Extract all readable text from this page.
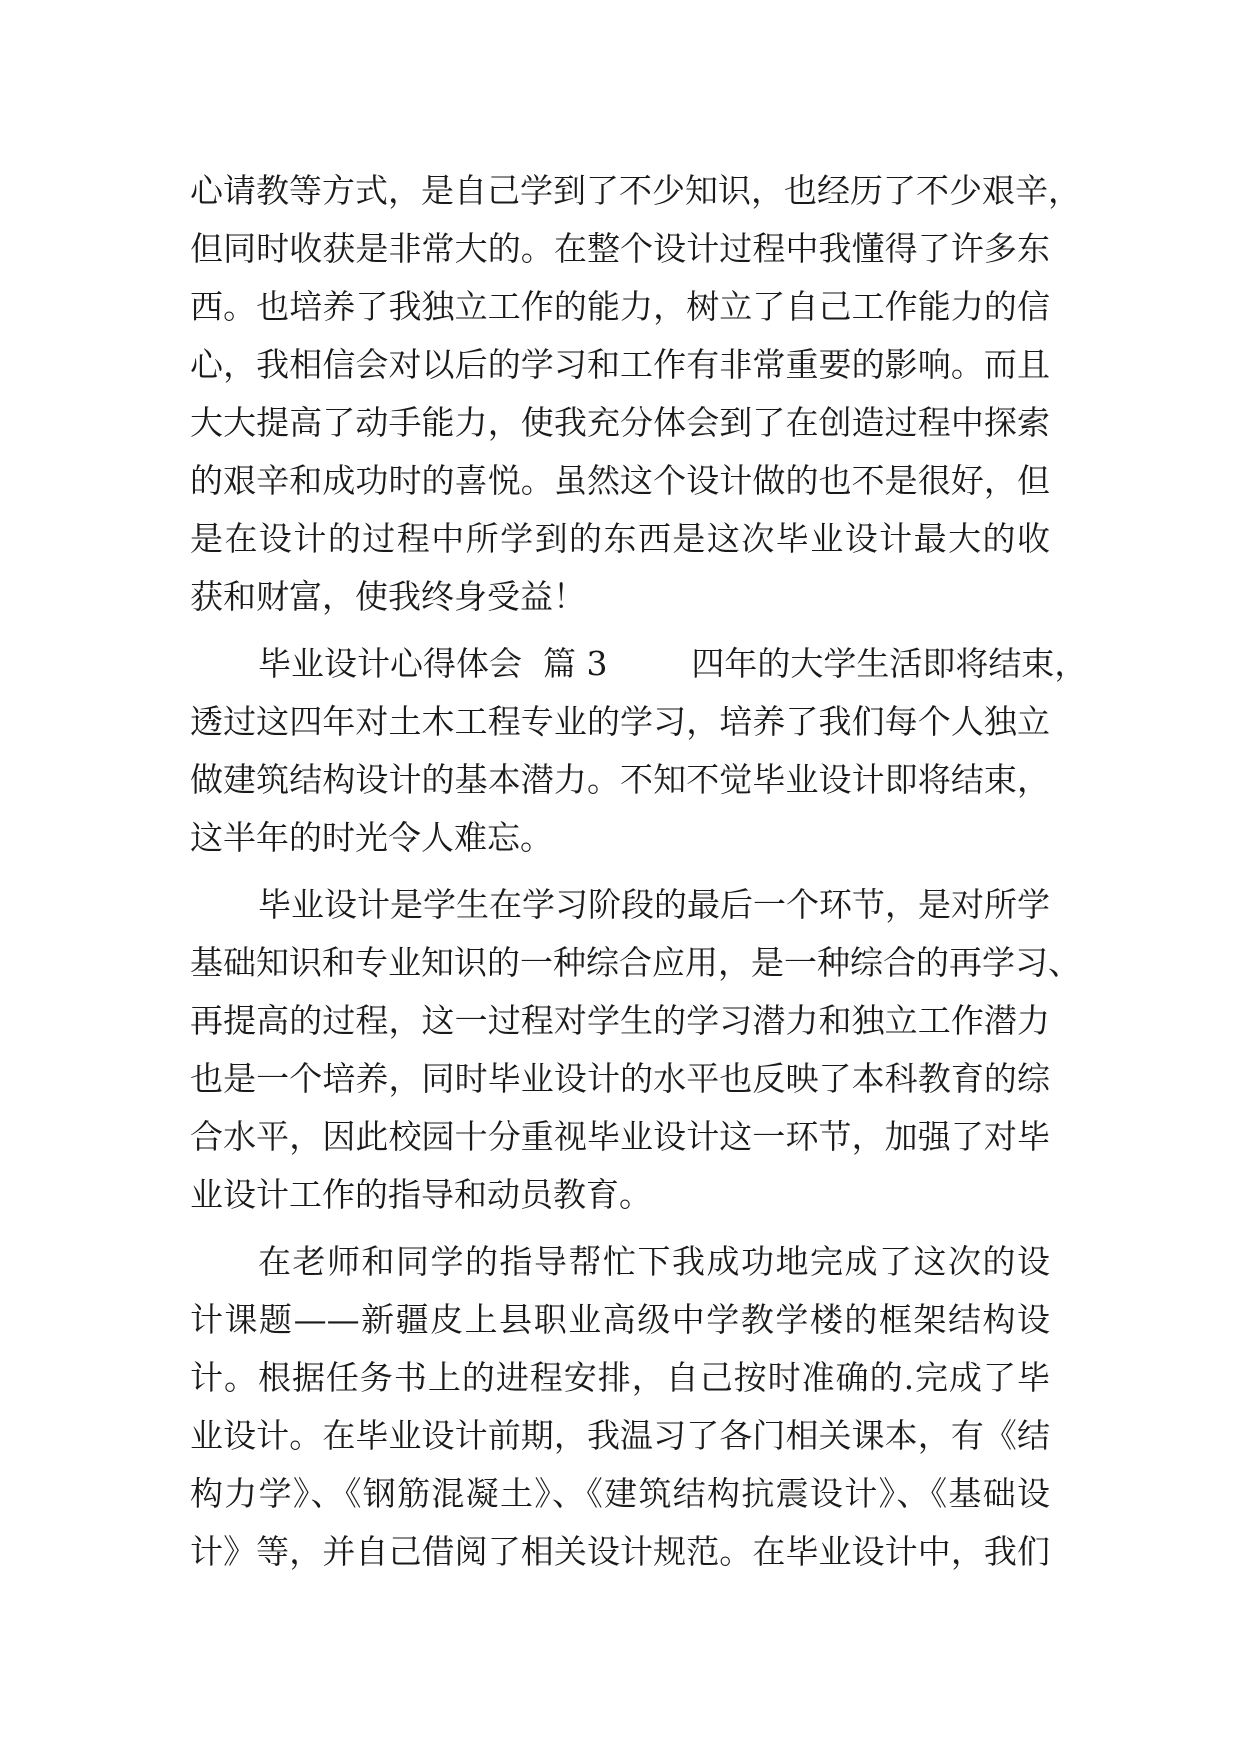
心请教等方式，是自己学到了不少知识，也经历了不少艰辛，
但同时收获是非常大的。在整个设计过程中我懂得了许多东
西。也培养了我独立工作的能力，树立了自己工作能力的信
心，我相信会对以后的学习和工作有非常重要的影响。而且
大大提高了动手能力，使我充分体会到了在创造过程中探索
的艰辛和成功时的喜悦。虽然这个设计做的也不是很好，但
是在设计的过程中所学到的东西是这次毕业设计最大的收
获和财富，使我终身受益！
毕业设计心得体会  篇 3        四年的大学生活即将结束，
透过这四年对土木工程专业的学习，培养了我们每个人独立
做建筑结构设计的基本潜力。不知不觉毕业设计即将结束，
这半年的时光令人难忘。
毕业设计是学生在学习阶段的最后一个环节，是对所学
基础知识和专业知识的一种综合应用，是一种综合的再学习、
再提高的过程，这一过程对学生的学习潜力和独立工作潜力
也是一个培养，同时毕业设计的水平也反映了本科教育的综
合水平，因此校园十分重视毕业设计这一环节，加强了对毕
业设计工作的指导和动员教育。
在老师和同学的指导帮忙下我成功地完成了这次的设
计课题——新疆皮上县职业高级中学教学楼的框架结构设
计。根据任务书上的进程安排，自己按时准确的.完成了毕
业设计。在毕业设计前期，我温习了各门相关课本，有《结
构力学》、《钢筋混凝土》、《建筑结构抗震设计》、《基础设
计》等，并自己借阅了相关设计规范。在毕业设计中，我们
